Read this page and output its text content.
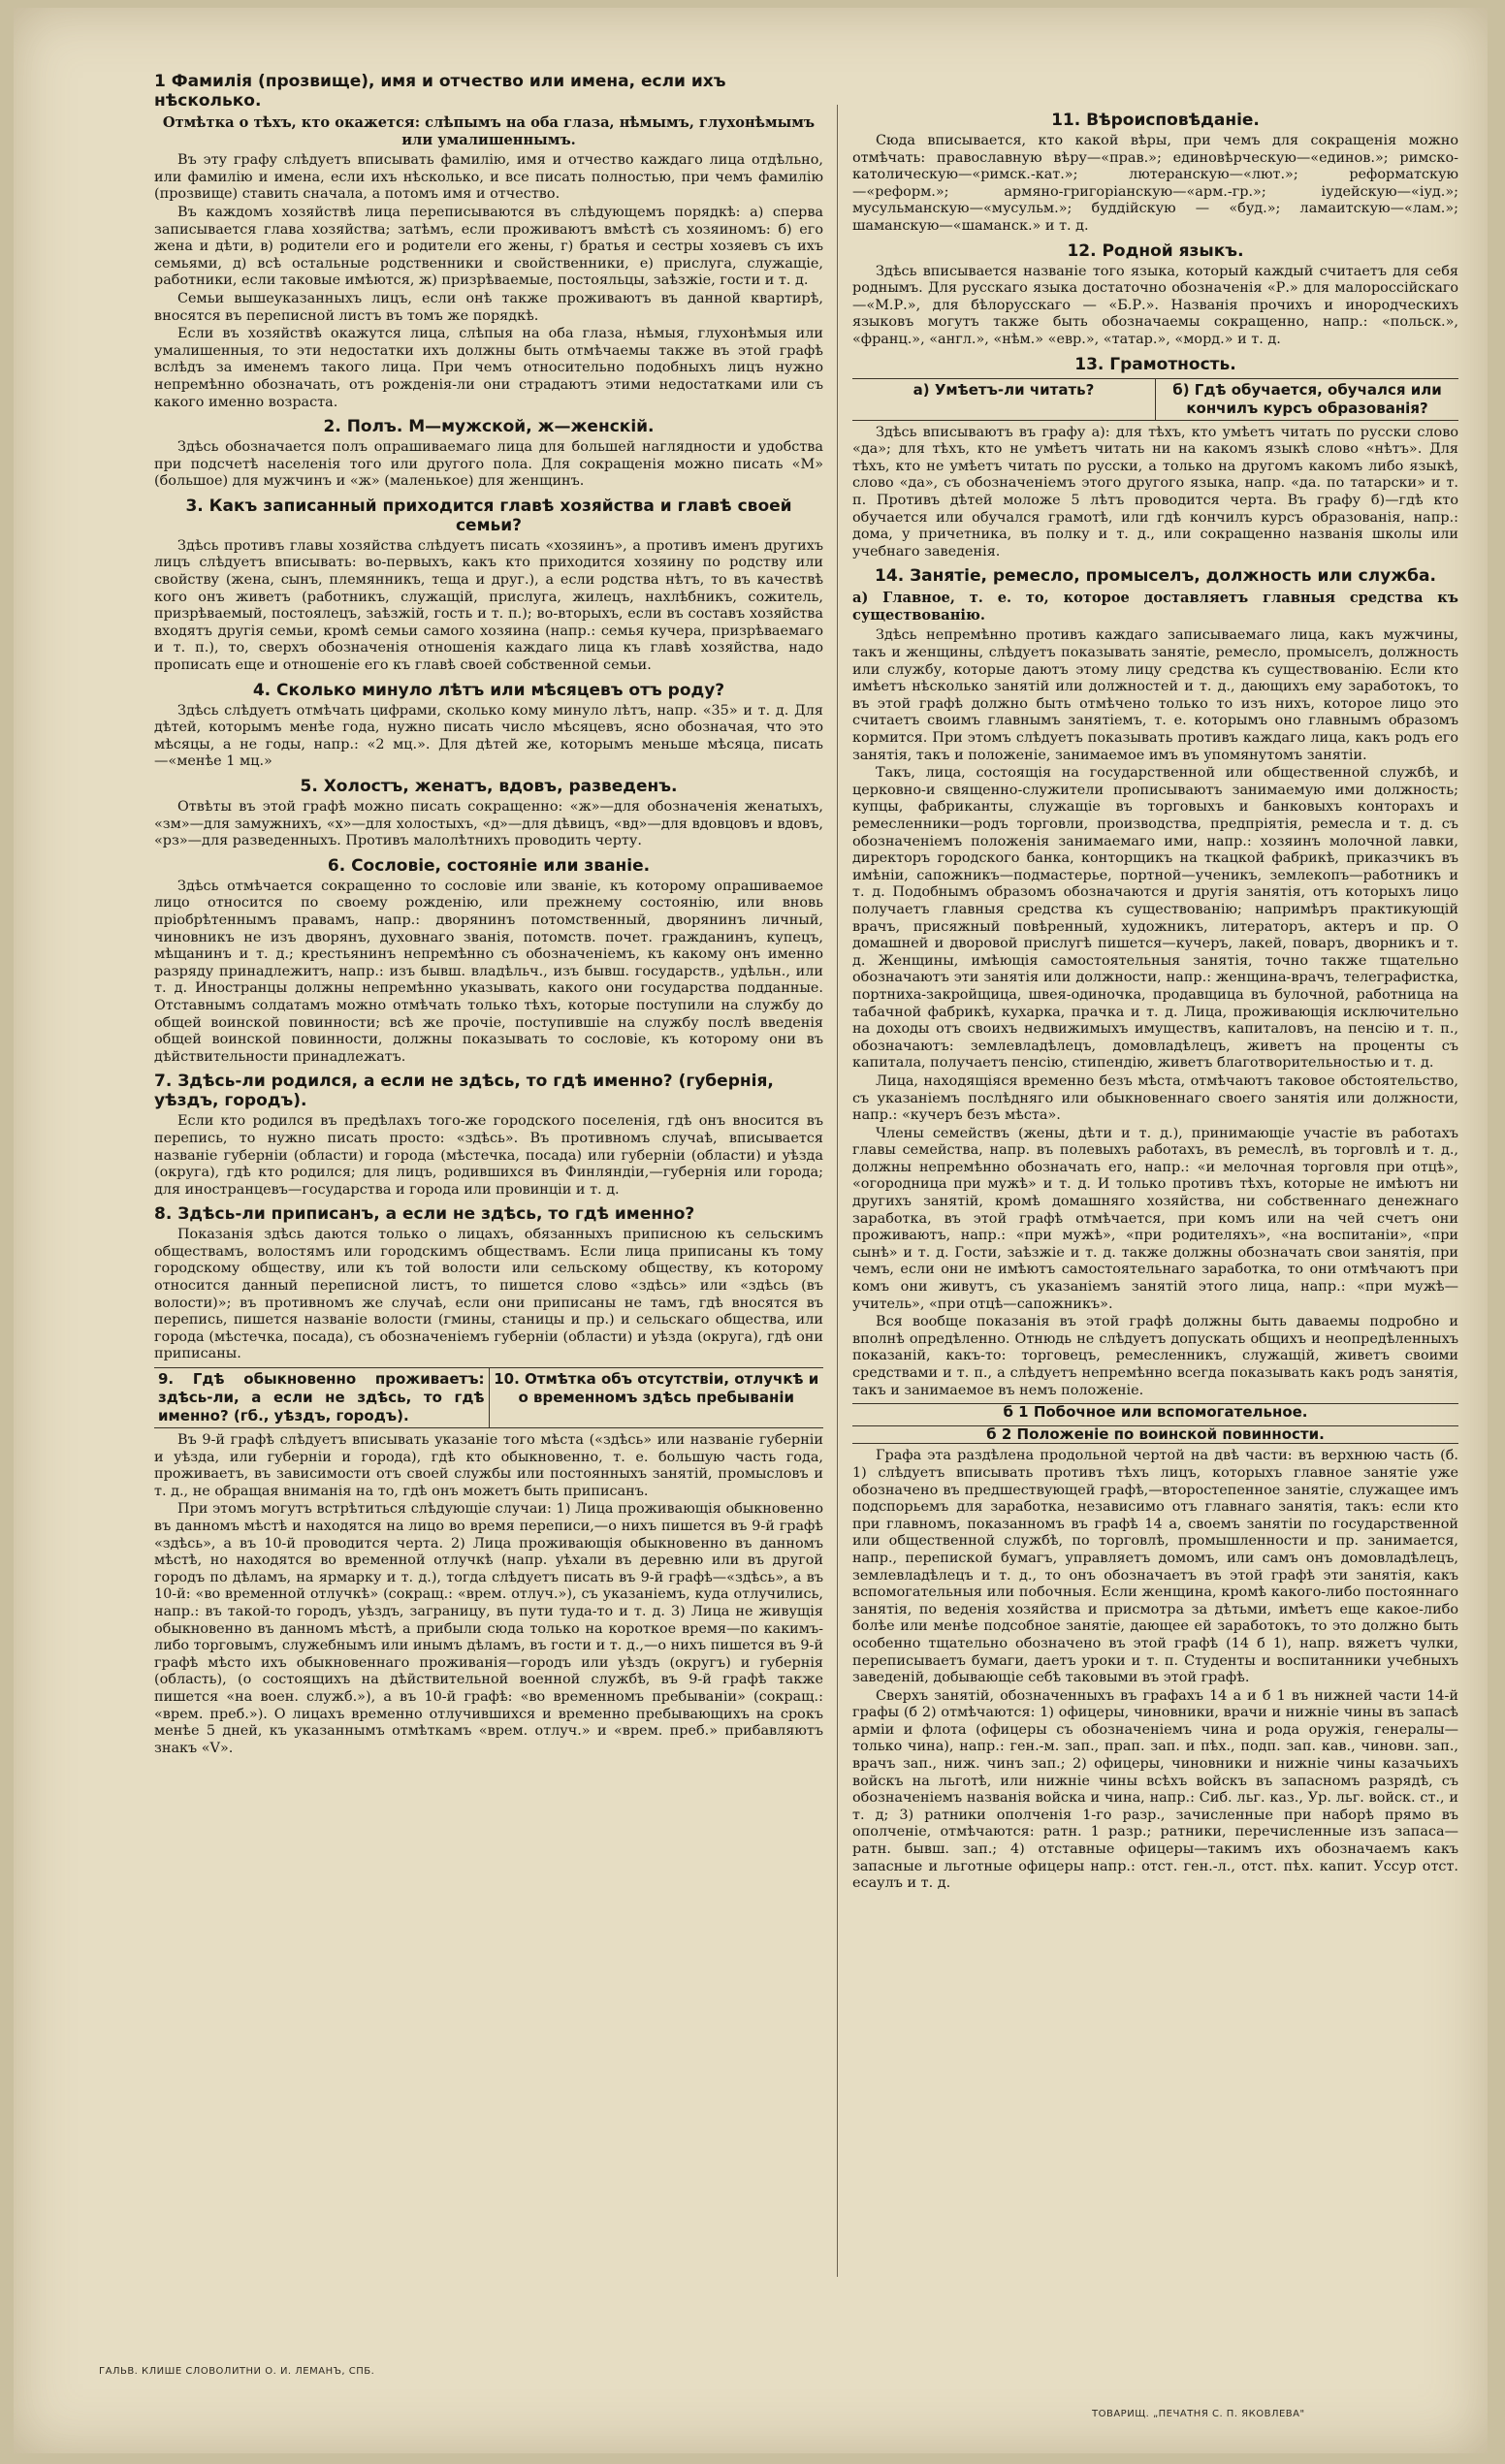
1 Фамилія (прозвище), имя и отчество или имена, если ихъ нѣсколько.

Отмѣтка о тѣхъ, кто окажется: слѣпымъ на оба глаза, нѣмымъ, глухонѣмымъ или умалишеннымъ.

Въ эту графу слѣдуетъ вписывать фамилію, имя и отчество каждаго лица отдѣльно, или фамилію и имена, если ихъ нѣсколько, и все писать полностью, при чемъ фамилію (прозвище) ставить сначала, а потомъ имя и отчество.

Въ каждомъ хозяйствѣ лица переписываются въ слѣдующемъ порядкѣ: а) сперва записывается глава хозяйства; затѣмъ, если проживаютъ вмѣстѣ съ хозяиномъ: б) его жена и дѣти, в) родители его и родители его жены, г) братья и сестры хозяевъ съ ихъ семьями, д) всѣ остальные родственники и свойственники, е) прислуга, служащіе, работники, если таковые имѣются, ж) призрѣваемые, постояльцы, заѣзжіе, гости и т. д.

Семьи вышеуказанныхъ лицъ, если онѣ также проживаютъ въ данной квартирѣ, вносятся въ переписной листъ въ томъ же порядкѣ.

Если въ хозяйствѣ окажутся лица, слѣпыя на оба глаза, нѣмыя, глухонѣмыя или умалишенныя, то эти недостатки ихъ должны быть отмѣчаемы также въ этой графѣ вслѣдъ за именемъ такого лица. При чемъ относительно подобныхъ лицъ нужно непремѣнно обозначать, отъ рожденія-ли они страдаютъ этими недостатками или съ какого именно возраста.

2. Полъ. М—мужской, ж—женскій.

Здѣсь обозначается полъ опрашиваемаго лица для большей наглядности и удобства при подсчетѣ населенія того или другого пола. Для сокращенія можно писать «М» (большое) для мужчинъ и «ж» (маленькое) для женщинъ.

3. Какъ записанный приходится главѣ хозяйства и главѣ своей семьи?

Здѣсь противъ главы хозяйства слѣдуетъ писать «хозяинъ», а противъ именъ другихъ лицъ слѣдуетъ вписывать: во-первыхъ, какъ кто приходится хозяину по родству или свойству (жена, сынъ, племянникъ, теща и друг.), а если родства нѣтъ, то въ качествѣ кого онъ живетъ (работникъ, служащій, прислуга, жилецъ, нахлѣбникъ, сожитель, призрѣваемый, постоялецъ, заѣзжій, гость и т. п.); во-вторыхъ, если въ составъ хозяйства входятъ другія семьи, кромѣ семьи самого хозяина (напр.: семья кучера, призрѣваемаго и т. п.), то, сверхъ обозначенія отношенія каждаго лица къ главѣ хозяйства, надо прописать еще и отношеніе его къ главѣ своей собственной семьи.

4. Сколько минуло лѣтъ или мѣсяцевъ отъ роду?

Здѣсь слѣдуетъ отмѣчать цифрами, сколько кому минуло лѣтъ, напр. «35» и т. д. Для дѣтей, которымъ менѣе года, нужно писать число мѣсяцевъ, ясно обозначая, что это мѣсяцы, а не годы, напр.: «2 мц.». Для дѣтей же, которымъ меньше мѣсяца, писать—«менѣе 1 мц.»

5. Холостъ, женатъ, вдовъ, разведенъ.

Отвѣты въ этой графѣ можно писать сокращенно: «ж»—для обозначенія женатыхъ, «зм»—для замужнихъ, «х»—для холостыхъ, «д»—для дѣвицъ, «вд»—для вдовцовъ и вдовъ, «рз»—для разведенныхъ. Противъ малолѣтнихъ проводить черту.

6. Сословіе, состояніе или званіе.

Здѣсь отмѣчается сокращенно то сословіе или званіе, къ которому опрашиваемое лицо относится по своему рожденію, или прежнему состоянію, или вновь пріобрѣтеннымъ правамъ, напр.: дворянинъ потомственный, дворянинъ личный, чиновникъ не изъ дворянъ, духовнаго званія, потомств. почет. гражданинъ, купецъ, мѣщанинъ и т. д.; крестьянинъ непремѣнно съ обозначеніемъ, къ какому онъ именно разряду принадлежитъ, напр.: изъ бывш. владѣльч., изъ бывш. государств., удѣльн., или т. д. Иностранцы должны непремѣнно указывать, какого они государства подданные. Отставнымъ солдатамъ можно отмѣчать только тѣхъ, которые поступили на службу до общей воинской повинности; всѣ же прочіе, поступившіе на службу послѣ введенія общей воинской повинности, должны показывать то сословіе, къ которому они въ дѣйствительности принадлежатъ.

7. Здѣсь-ли родился, а если не здѣсь, то гдѣ именно? (губернія, уѣздъ, городъ).

Если кто родился въ предѣлахъ того-же городского поселенія, гдѣ онъ вносится въ перепись, то нужно писать просто: «здѣсь». Въ противномъ случаѣ, вписывается названіе губерніи (области) и города (мѣстечка, посада) или губерніи (области) и уѣзда (округа), гдѣ кто родился; для лицъ, родившихся въ Финляндіи,—губернія или города; для иностранцевъ—государства и города или провинціи и т. д.

8. Здѣсь-ли приписанъ, а если не здѣсь, то гдѣ именно?

Показанія здѣсь даются только о лицахъ, обязанныхъ приписною къ сельскимъ обществамъ, волостямъ или городскимъ обществамъ. Если лица приписаны къ тому городскому обществу, или къ той волости или сельскому обществу, къ которому относится данный переписной листъ, то пишется слово «здѣсь» или «здѣсь (въ волости)»; въ противномъ же случаѣ, если они приписаны не тамъ, гдѣ вносятся въ перепись, пишется названіе волости (гмины, станицы и пр.) и сельскаго общества, или города (мѣстечка, посада), съ обозначеніемъ губерніи (области) и уѣзда (округа), гдѣ они приписаны.

9. Гдѣ обыкновенно проживаетъ: здѣсь-ли, а если не здѣсь, то гдѣ именно? (гб., уѣздъ, городъ).
10. Отмѣтка объ отсутствіи, отлучкѣ и о временномъ здѣсь пребываніи

Въ 9-й графѣ слѣдуетъ вписывать указаніе того мѣста («здѣсь» или названіе губерніи и уѣзда, или губерніи и города), гдѣ кто обыкновенно, т. е. большую часть года, проживаетъ, въ зависимости отъ своей службы или постоянныхъ занятій, промысловъ и т. д., не обращая вниманія на то, гдѣ онъ можетъ быть приписанъ.

При этомъ могутъ встрѣтиться слѣдующіе случаи: 1) Лица проживающія обыкновенно въ данномъ мѣстѣ и находятся на лицо во время переписи,—о нихъ пишется въ 9-й графѣ «здѣсь», а въ 10-й проводится черта. 2) Лица проживающія обыкновенно въ данномъ мѣстѣ, но находятся во временной отлучкѣ (напр. уѣхали въ деревню или въ другой городъ по дѣламъ, на ярмарку и т. д.), тогда слѣдуетъ писать въ 9-й графѣ—«здѣсь», а въ 10-й: «во временной отлучкѣ» (сокращ.: «врем. отлуч.»), съ указаніемъ, куда отлучились, напр.: въ такой-то городъ, уѣздъ, заграницу, въ пути туда-то и т. д. 3) Лица не живущія обыкновенно въ данномъ мѣстѣ, а прибыли сюда только на короткое время—по какимъ-либо торговымъ, служебнымъ или инымъ дѣламъ, въ гости и т. д.,—о нихъ пишется въ 9-й графѣ мѣсто ихъ обыкновеннаго проживанія—городъ или уѣздъ (округъ) и губернія (область), (о состоящихъ на дѣйствительной военной службѣ, въ 9-й графѣ также пишется «на воен. служб.»), а въ 10-й графѣ: «во временномъ пребываніи» (сокращ.: «врем. преб.»). О лицахъ временно отлучившихся и временно пребывающихъ на срокъ менѣе 5 дней, къ указаннымъ отмѣткамъ «врем. отлуч.» и «врем. преб.» прибавляютъ знакъ «V».

11. Вѣроисповѣданіе.

Сюда вписывается, кто какой вѣры, при чемъ для сокращенія можно отмѣчать: православную вѣру—«прав.»; единовѣрческую—«единов.»; римско-католическую—«римск.-кат.»; лютеранскую—«лют.»; реформатскую—«реформ.»; армяно-григоріанскую—«арм.-гр.»; іудейскую—«іуд.»; мусульманскую—«мусульм.»; буддійскую — «буд.»; ламаитскую—«лам.»; шаманскую—«шаманск.» и т. д.

12. Родной языкъ.

Здѣсь вписывается названіе того языка, который каждый считаетъ для себя роднымъ. Для русскаго языка достаточно обозначенія «Р.» для малороссійскаго—«М.Р.», для бѣлорусскаго — «Б.Р.». Названія прочихъ и инородческихъ языковъ могутъ также быть обозначаемы сокращенно, напр.: «польск.», «франц.», «англ.», «нѣм.» «евр.», «татар.», «морд.» и т. д.

13. Грамотность.
а) Умѣетъ-ли читать?	б) Гдѣ обучается, обучался или кончилъ курсъ образованія?

Здѣсь вписываютъ въ графу а): для тѣхъ, кто умѣетъ читать по русски слово «да»; для тѣхъ, кто не умѣетъ читать ни на какомъ языкѣ слово «нѣтъ». Для тѣхъ, кто не умѣетъ читать по русски, а только на другомъ какомъ либо языкѣ, слово «да», съ обозначеніемъ этого другого языка, напр. «да. по татарски» и т. п. Противъ дѣтей моложе 5 лѣтъ проводится черта. Въ графу б)—гдѣ кто обучается или обучался грамотѣ, или гдѣ кончилъ курсъ образованія, напр.: дома, у причетника, въ полку и т. д., или сокращенно названія школы или учебнаго заведенія.

14. Занятіе, ремесло, промыселъ, должность или служба.

а) Главное, т. е. то, которое доставляетъ главныя средства къ существованію.

Здѣсь непремѣнно противъ каждаго записываемаго лица, какъ мужчины, такъ и женщины, слѣдуетъ показывать занятіе, ремесло, промыселъ, должность или службу, которые даютъ этому лицу средства къ существованію. Если кто имѣетъ нѣсколько занятій или должностей и т. д., дающихъ ему заработокъ, то въ этой графѣ должно быть отмѣчено только то изъ нихъ, которое лицо это считаетъ своимъ главнымъ занятіемъ, т. е. которымъ оно главнымъ образомъ кормится. При этомъ слѣдуетъ показывать противъ каждаго лица, какъ родъ его занятія, такъ и положеніе, занимаемое имъ въ упомянутомъ занятіи.

Такъ, лица, состоящія на государственной или общественной службѣ, и церковно-и священно-служители прописываютъ занимаемую ими должность; купцы, фабриканты, служащіе въ торговыхъ и банковыхъ конторахъ и ремесленники—родъ торговли, производства, предпріятія, ремесла и т. д. съ обозначеніемъ положенія занимаемаго ими, напр.: хозяинъ молочной лавки, директоръ городского банка, конторщикъ на ткацкой фабрикѣ, приказчикъ въ имѣніи, сапожникъ—подмастерье, портной—ученикъ, землекопъ—работникъ и т. д. Подобнымъ образомъ обозначаются и другія занятія, отъ которыхъ лицо получаетъ главныя средства къ существованію; напримѣръ практикующій врачъ, присяжный повѣренный, художникъ, литераторъ, актеръ и пр. О домашней и дворовой прислугѣ пишется—кучеръ, лакей, поваръ, дворникъ и т. д. Женщины, имѣющія самостоятельныя занятія, точно также тщательно обозначаютъ эти занятія или должности, напр.: женщина-врачъ, телеграфистка, портниха-закройщица, швея-одиночка, продавщица въ булочной, работница на табачной фабрикѣ, кухарка, прачка и т. д. Лица, проживающія исключительно на доходы отъ своихъ недвижимыхъ имуществъ, капиталовъ, на пенсію и т. п., обозначаютъ: землевладѣлецъ, домовладѣлецъ, живетъ на проценты съ капитала, получаетъ пенсію, стипендію, живетъ благотворительностью и т. д.

Лица, находящіяся временно безъ мѣста, отмѣчаютъ таковое обстоятельство, съ указаніемъ послѣдняго или обыкновеннаго своего занятія или должности, напр.: «кучеръ безъ мѣста».

Члены семействъ (жены, дѣти и т. д.), принимающіе участіе въ работахъ главы семейства, напр. въ полевыхъ работахъ, въ ремеслѣ, въ торговлѣ и т. д., должны непремѣнно обозначать его, напр.: «и мелочная торговля при отцѣ», «огородница при мужѣ» и т. д. И только противъ тѣхъ, которые не имѣютъ ни другихъ занятій, кромѣ домашняго хозяйства, ни собственнаго денежнаго заработка, въ этой графѣ отмѣчается, при комъ или на чей счетъ они проживаютъ, напр.: «при мужѣ», «при родителяхъ», «на воспитаніи», «при сынѣ» и т. д. Гости, заѣзжіе и т. д. также должны обозначать свои занятія, при чемъ, если они не имѣютъ самостоятельнаго заработка, то они отмѣчаютъ при комъ они живутъ, съ указаніемъ занятій этого лица, напр.: «при мужѣ—учитель», «при отцѣ—сапожникъ».

Вся вообще показанія въ этой графѣ должны быть даваемы подробно и вполнѣ опредѣленно. Отнюдь не слѣдуетъ допускать общихъ и неопредѣленныхъ показаній, какъ-то: торговецъ, ремесленникъ, служащій, живетъ своими средствами и т. п., а слѣдуетъ непремѣнно всегда показывать какъ родъ занятія, такъ и занимаемое въ немъ положеніе.

б 1 Побочное или вспомогательное.
б 2 Положеніе по воинской повинности.

Графа эта раздѣлена продольной чертой на двѣ части: въ верхнюю часть (б. 1) слѣдуетъ вписывать противъ тѣхъ лицъ, которыхъ главное занятіе уже обозначено въ предшествующей графѣ,—второстепенное занятіе, служащее имъ подспорьемъ для заработка, независимо отъ главнаго занятія, такъ: если кто при главномъ, показанномъ въ графѣ 14 а, своемъ занятіи по государственной или общественной службѣ, по торговлѣ, промышленности и пр. занимается, напр., перепиской бумагъ, управляетъ домомъ, или самъ онъ домовладѣлецъ, землевладѣлецъ и т. д., то онъ обозначаетъ въ этой графѣ эти занятія, какъ вспомогательныя или побочныя. Если женщина, кромѣ какого-либо постояннаго занятія, по веденія хозяйства и присмотра за дѣтьми, имѣетъ еще какое-либо болѣе или менѣе подсобное занятіе, дающее ей заработокъ, то это должно быть особенно тщательно обозначено въ этой графѣ (14 б 1), напр. вяжетъ чулки, переписываетъ бумаги, даетъ уроки и т. п. Студенты и воспитанники учебныхъ заведеній, добывающіе себѣ таковыми въ этой графѣ.

Сверхъ занятій, обозначенныхъ въ графахъ 14 а и б 1 въ нижней части 14-й графы (б 2) отмѣчаются: 1) офицеры, чиновники, врачи и нижніе чины въ запасѣ арміи и флота (офицеры съ обозначеніемъ чина и родa оружія, генералы—только чина), напр.: ген.-м. зап., прап. зап. и пѣх., подп. зап. кав., чиновн. зап., врачъ зап., ниж. чинъ зап.; 2) офицеры, чиновники и нижніе чины казачьихъ войскъ на льготѣ, или нижніе чины всѣхъ войскъ въ запасномъ разрядѣ, съ обозначеніемъ названія войска и чина, напр.: Сиб. льг. каз., Ур. льг. войск. ст., и т. д; 3) ратники ополченія 1-го разр., зачисленные при наборѣ прямо въ ополченіе, отмѣчаются: ратн. 1 разр.; ратники, перечисленные изъ запаса—ратн. бывш. зап.; 4) отставные офицеры—такимъ ихъ обозначаемъ какъ запасные и льготные офицеры напр.: отст. ген.-л., отст. пѣх. капит. Уссур отст. есаулъ и т. д.

ГАЛЬВ. КЛИШЕ СЛОВОЛИТНИ О. И. ЛЕМАНЪ, СПБ.
ТОВАРИЩ. „ПЕЧАТНЯ С. П. ЯКОВЛЕВА"
